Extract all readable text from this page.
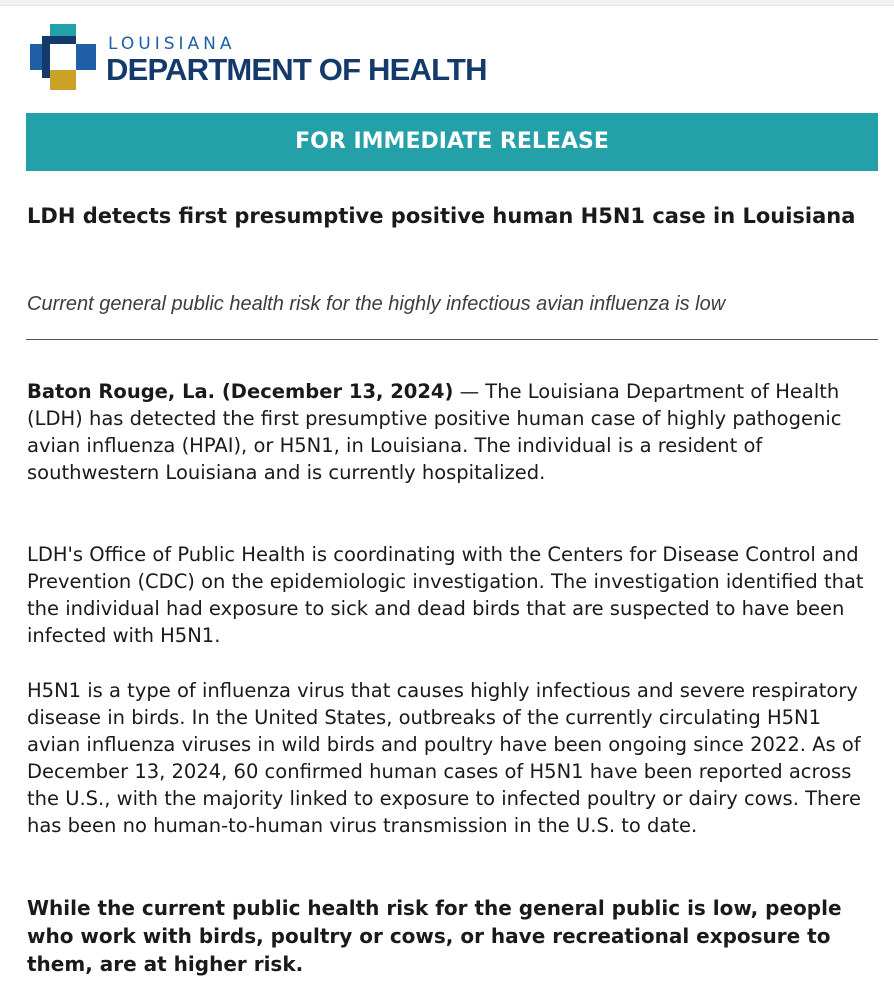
LOUISIANA
DEPARTMENT OF HEALTH
FOR IMMEDIATE RELEASE
LDH detects first presumptive positive human H5N1 case in Louisiana

Current general public health risk for the highly infectious avian influenza is low

Baton Rouge, La. (December 13, 2024) — The Louisiana Department of Health (LDH) has detected the first presumptive positive human case of highly pathogenic avian influenza (HPAI), or H5N1, in Louisiana. The individual is a resident of southwestern Louisiana and is currently hospitalized.

LDH's Office of Public Health is coordinating with the Centers for Disease Control and Prevention (CDC) on the epidemiologic investigation. The investigation identified that the individual had exposure to sick and dead birds that are suspected to have been infected with H5N1.

H5N1 is a type of influenza virus that causes highly infectious and severe respiratory disease in birds. In the United States, outbreaks of the currently circulating H5N1 avian influenza viruses in wild birds and poultry have been ongoing since 2022. As of December 13, 2024, 60 confirmed human cases of H5N1 have been reported across the U.S., with the majority linked to exposure to infected poultry or dairy cows. There has been no human-to-human virus transmission in the U.S. to date.

While the current public health risk for the general public is low, people who work with birds, poultry or cows, or have recreational exposure to them, are at higher risk.
